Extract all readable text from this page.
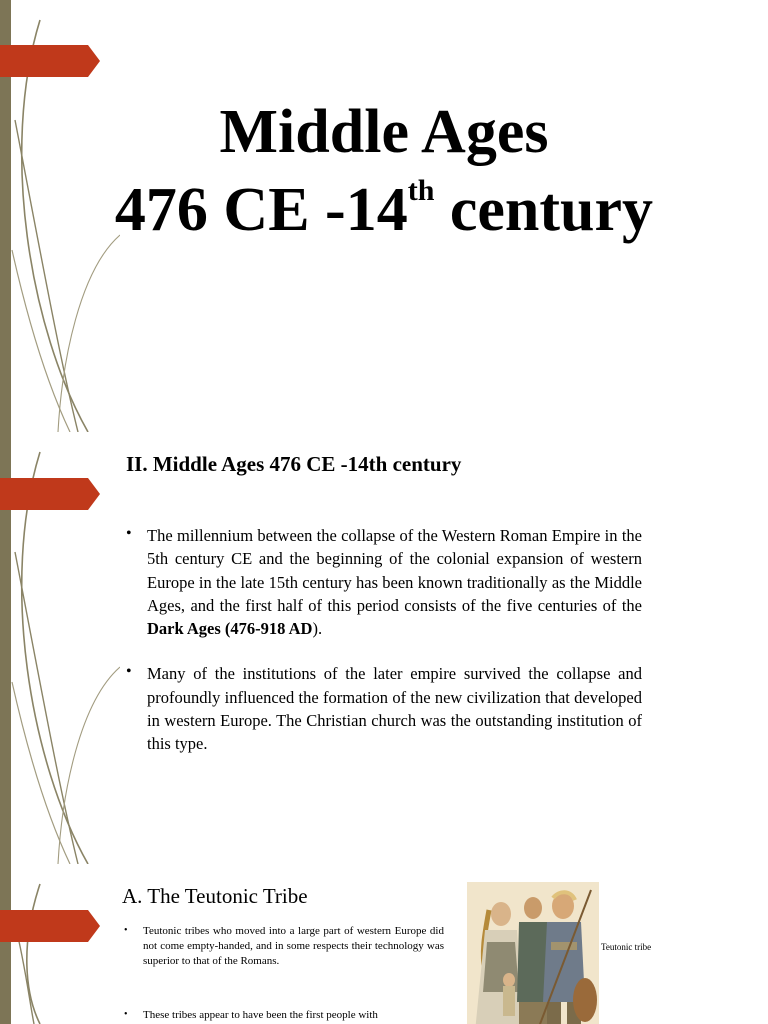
Middle Ages
476 CE -14th century
II. Middle Ages 476 CE -14th century
• The millennium between the collapse of the Western Roman Empire in the 5th century CE and the beginning of the colonial expansion of western Europe in the late 15th century has been known traditionally as the Middle Ages, and the first half of this period consists of the five centuries of the Dark Ages (476-918 AD).
• Many of the institutions of the later empire survived the collapse and profoundly influenced the formation of the new civilization that developed in western Europe. The Christian church was the outstanding institution of this type.
A. The Teutonic Tribe
• Teutonic tribes who moved into a large part of western Europe did not come empty-handed, and in some respects their technology was superior to that of the Romans.
• These tribes appear to have been the first people with
Teutonic tribe
